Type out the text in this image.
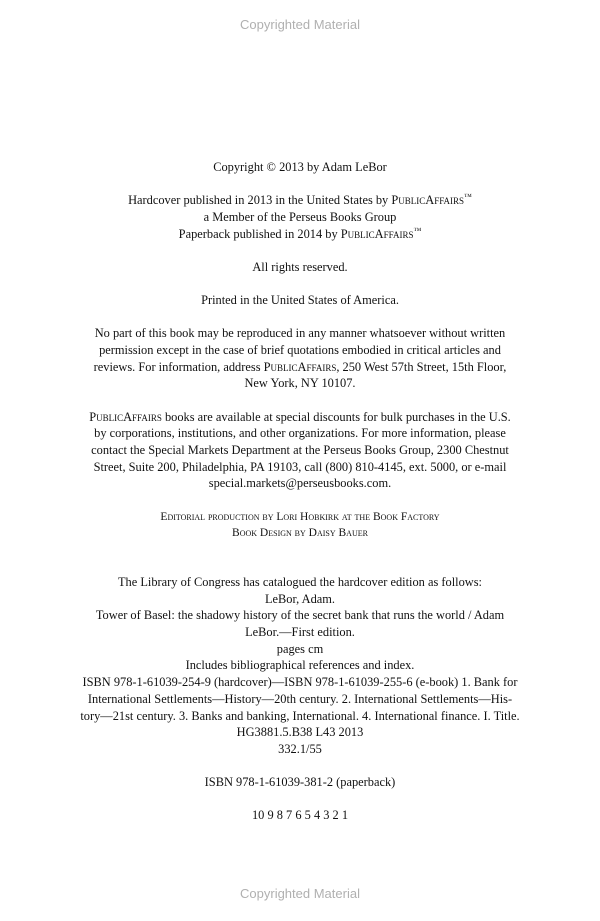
Copyrighted Material

Copyright © 2013 by Adam LeBor

Hardcover published in 2013 in the United States by PublicAffairs™

a Member of the Perseus Books Group

Paperback published in 2014 by PublicAffairs™

All rights reserved.

Printed in the United States of America.

No part of this book may be reproduced in any manner whatsoever without written

permission except in the case of brief quotations embodied in critical articles and

reviews. For information, address PublicAffairs, 250 West 57th Street, 15th Floor,

New York, NY 10107.

PublicAffairs books are available at special discounts for bulk purchases in the U.S.

by corporations, institutions, and other organizations. For more information, please

contact the Special Markets Department at the Perseus Books Group, 2300 Chestnut

Street, Suite 200, Philadelphia, PA 19103, call (800) 810-4145, ext. 5000, or e-mail

special.markets@perseusbooks.com.

Editorial production by Lori Hobkirk at the Book Factory

Book Design by Daisy Bauer

The Library of Congress has catalogued the hardcover edition as follows:

LeBor, Adam.

Tower of Basel: the shadowy history of the secret bank that runs the world / Adam

LeBor.—First edition.

pages cm

Includes bibliographical references and index.

ISBN 978-1-61039-254-9 (hardcover)—ISBN 978-1-61039-255-6 (e-book) 1. Bank for

International Settlements—History—20th century. 2. International Settlements—His-

tory—21st century. 3. Banks and banking, International. 4. International finance. I. Title.

HG3881.5.B38 L43 2013

332.1/55

ISBN 978-1-61039-381-2 (paperback)

10 9 8 7 6 5 4 3 2 1

Copyrighted Material
